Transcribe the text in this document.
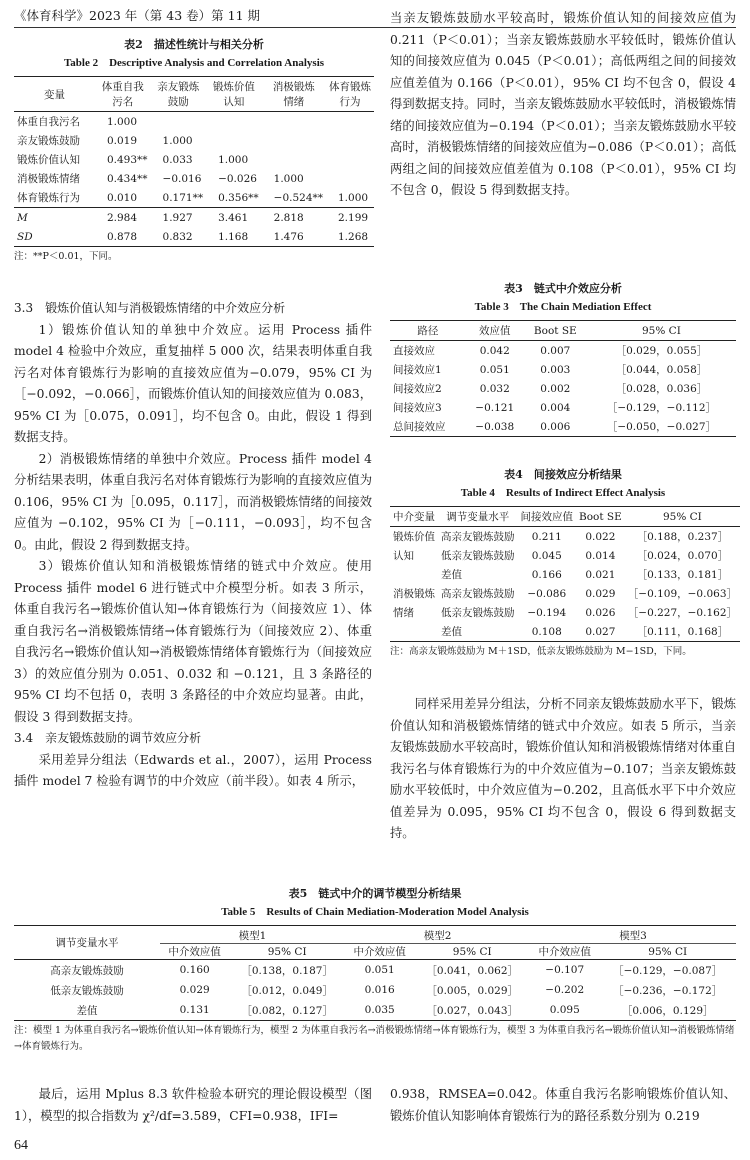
《体育科学》2023 年（第 43 卷）第 11 期
表2　描述性统计与相关分析
Table 2　Descriptive Analysis and Correlation Analysis
变量	体重自我	亲友锻炼	锻炼价值	消极锻炼	体育锻炼
	污名	鼓励	认知	情绪	行为
体重自我污名	1.000				
亲友锻炼鼓励	0.019	1.000			
锻炼价值认知	0.493**	0.033	1.000		
消极锻炼情绪	0.434**	−0.016	−0.026	1.000	
体育锻炼行为	0.010	0.171**	0.356**	−0.524**	1.000
M	2.984	1.927	3.461	2.818	2.199
SD	0.878	0.832	1.168	1.476	1.268
注：**P＜0.01，下同。
3.3　锻炼价值认知与消极锻炼情绪的中介效应分析
1）锻炼价值认知的单独中介效应。运用 Process 插件 model 4 检验中介效应，重复抽样 5 000 次，结果表明体重自我污名对体育锻炼行为影响的直接效应值为−0.079，95% CI 为［−0.092，−0.066］，而锻炼价值认知的间接效应值为 0.083，95% CI 为［0.075，0.091］，均不包含 0。由此，假设 1 得到数据支持。
2）消极锻炼情绪的单独中介效应。Process 插件 model 4 分析结果表明，体重自我污名对体育锻炼行为影响的直接效应值为 0.106，95% CI 为［0.095，0.117］，而消极锻炼情绪的间接效应值为 −0.102，95% CI 为［−0.111，−0.093］，均不包含 0。由此，假设 2 得到数据支持。
3）锻炼价值认知和消极锻炼情绪的链式中介效应。使用 Process 插件 model 6 进行链式中介模型分析。如表 3 所示，体重自我污名→锻炼价值认知→体育锻炼行为（间接效应 1）、体重自我污名→消极锻炼情绪→体育锻炼行为（间接效应 2）、体重自我污名→锻炼价值认知→消极锻炼情绪体育锻炼行为（间接效应 3）的效应值分别为 0.051、0.032 和 −0.121，且 3 条路径的 95% CI 均不包括 0，表明 3 条路径的中介效应均显著。由此，假设 3 得到数据支持。
3.4　亲友锻炼鼓励的调节效应分析
采用差异分组法（Edwards et al.，2007），运用 Process 插件 model 7 检验有调节的中介效应（前半段）。如表 4 所示，
当亲友锻炼鼓励水平较高时，锻炼价值认知的间接效应值为 0.211（P＜0.01）；当亲友锻炼鼓励水平较低时，锻炼价值认知的间接效应值为 0.045（P＜0.01）；高低两组之间的间接效应值差值为 0.166（P＜0.01），95% CI 均不包含 0，假设 4 得到数据支持。同时，当亲友锻炼鼓励水平较低时，消极锻炼情绪的间接效应值为−0.194（P＜0.01）；当亲友锻炼鼓励水平较高时，消极锻炼情绪的间接效应值为−0.086（P＜0.01）；高低两组之间的间接效应值差值为 0.108（P＜0.01），95% CI 均不包含 0，假设 5 得到数据支持。
表3　链式中介效应分析
Table 3　The Chain Mediation Effect
路径	效应值	Boot SE	95% CI
直接效应	0.042	0.007	［0.029，0.055］
间接效应1	0.051	0.003	［0.044，0.058］
间接效应2	0.032	0.002	［0.028，0.036］
间接效应3	−0.121	0.004	［−0.129，−0.112］
总间接效应	−0.038	0.006	［−0.050，−0.027］
表4　间接效应分析结果
Table 4　Results of Indirect Effect Analysis
中介变量	调节变量水平	间接效应值	Boot SE	95% CI
锻炼价值	高亲友锻炼鼓励	0.211	0.022	［0.188，0.237］
认知	低亲友锻炼鼓励	0.045	0.014	［0.024，0.070］
	差值	0.166	0.021	［0.133，0.181］
消极锻炼	高亲友锻炼鼓励	−0.086	0.029	［−0.109，−0.063］
情绪	低亲友锻炼鼓励	−0.194	0.026	［−0.227，−0.162］
	差值	0.108	0.027	［0.111，0.168］
注：高亲友锻炼鼓励为 M＋1SD，低亲友锻炼鼓励为 M−1SD，下同。
同样采用差异分组法，分析不同亲友锻炼鼓励水平下，锻炼价值认知和消极锻炼情绪的链式中介效应。如表 5 所示，当亲友锻炼鼓励水平较高时，锻炼价值认知和消极锻炼情绪对体重自我污名与体育锻炼行为的中介效应值为−0.107；当亲友锻炼鼓励水平较低时，中介效应值为−0.202，且高低水平下中介效应值差异为 0.095，95% CI 均不包含 0，假设 6 得到数据支持。
表5　链式中介的调节模型分析结果
Table 5　Results of Chain Mediation-Moderation Model Analysis
调节变量水平	模型1		模型2		模型3	
	中介效应值	95% CI	中介效应值	95% CI	中介效应值	95% CI
高亲友锻炼鼓励	0.160	［0.138，0.187］	0.051	［0.041，0.062］	−0.107	［−0.129，−0.087］
低亲友锻炼鼓励	0.029	［0.012，0.049］	0.016	［0.005，0.029］	−0.202	［−0.236，−0.172］
差值	0.131	［0.082，0.127］	0.035	［0.027，0.043］	0.095	［0.006，0.129］
注：模型 1 为体重自我污名→锻炼价值认知→体育锻炼行为，模型 2 为体重自我污名→消极锻炼情绪→体育锻炼行为，模型 3 为体重自我污名→锻炼价值认知→消极锻炼情绪→体育锻炼行为。
最后，运用 Mplus 8.3 软件检验本研究的理论假设模型（图 1），模型的拟合指数为 χ²/df=3.589，CFI=0.938，IFI=
0.938，RMSEA=0.042。体重自我污名影响锻炼价值认知、锻炼价值认知影响体育锻炼行为的路径系数分别为 0.219
64
